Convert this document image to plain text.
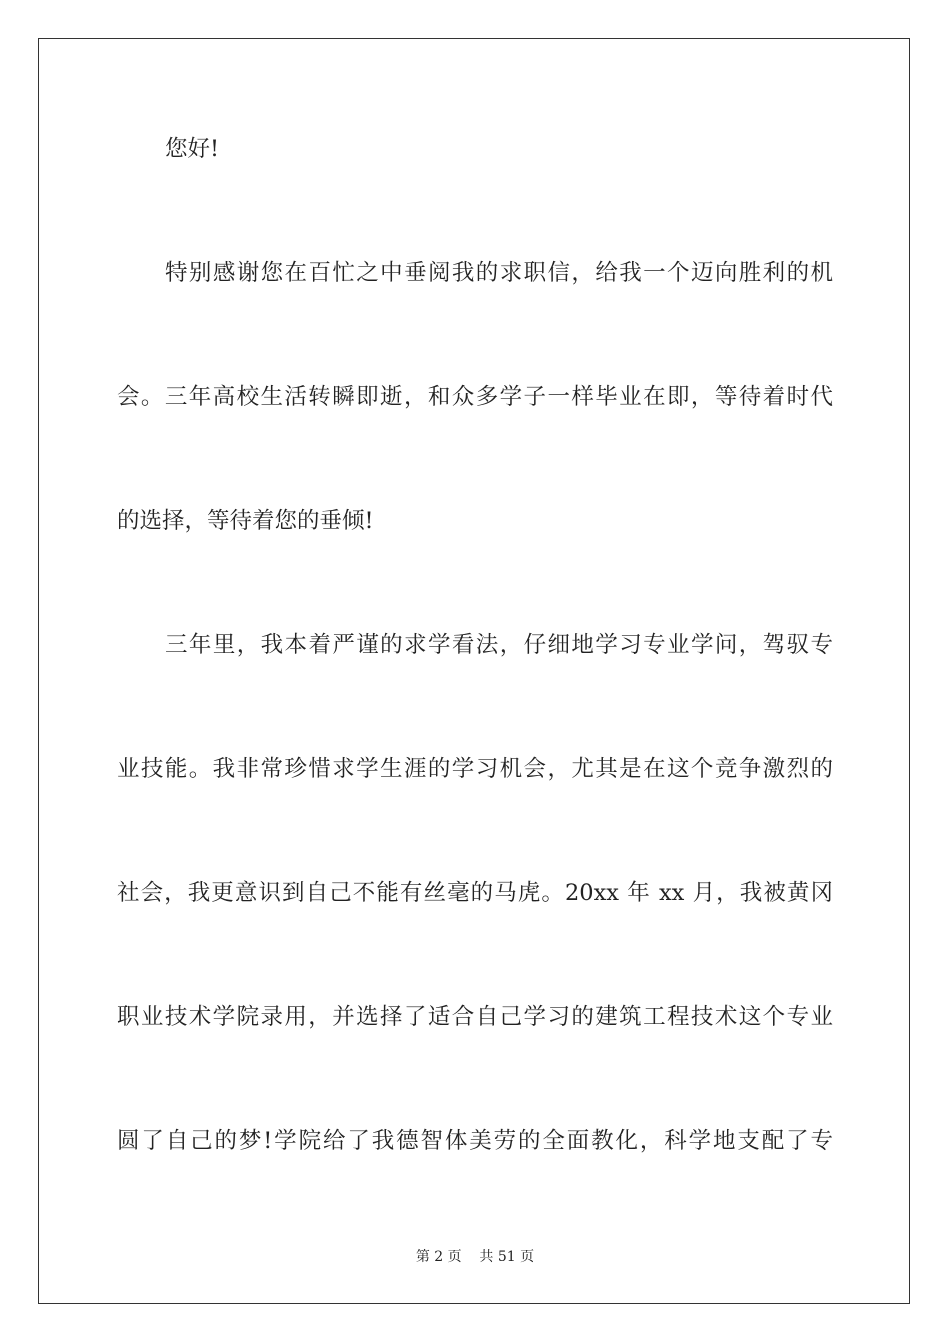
您好!
特别感谢您在百忙之中垂阅我的求职信，给我一个迈向胜利的机
会。三年高校生活转瞬即逝，和众多学子一样毕业在即，等待着时代
的选择，等待着您的垂倾!
三年里，我本着严谨的求学看法，仔细地学习专业学问，驾驭专
业技能。我非常珍惜求学生涯的学习机会，尤其是在这个竞争激烈的
社会，我更意识到自己不能有丝毫的马虎。20xx 年 xx 月，我被黄冈
职业技术学院录用，并选择了适合自己学习的建筑工程技术这个专业
圆了自己的梦!学院给了我德智体美劳的全面教化，科学地支配了专
第 2 页    共 51 页
